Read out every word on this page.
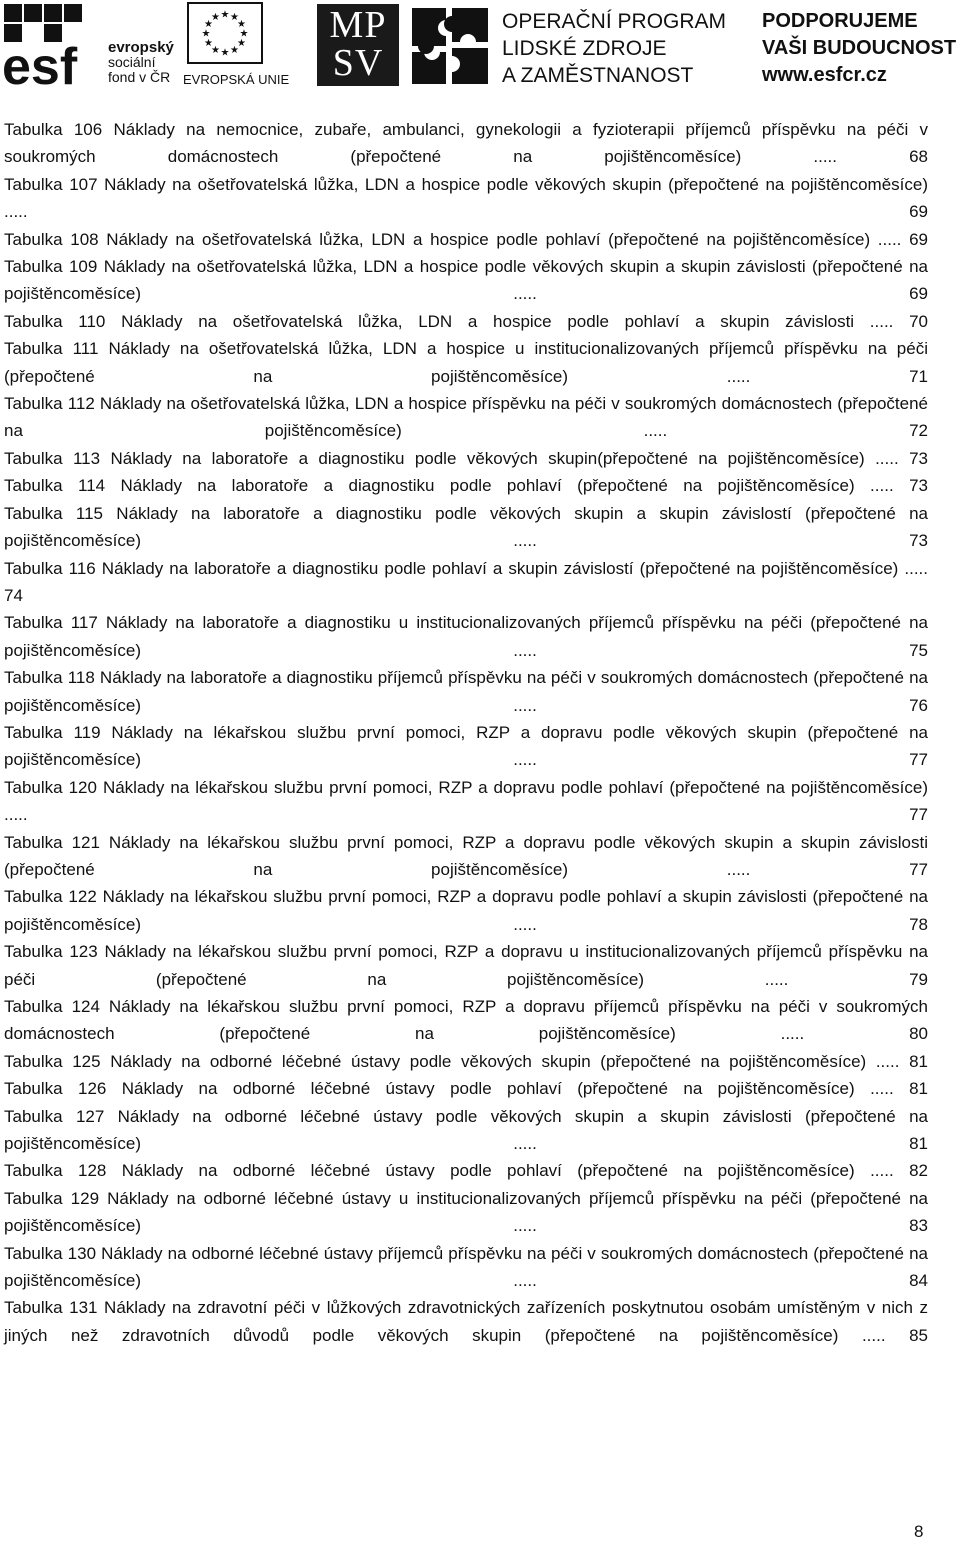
esf evropský
sociální
fond v ČR
★ ★
★
★
★
★
★
★
★
★
★
★
EVROPSKÁ UNIE
MP
SV
OPERAČNÍ PROGRAM
LIDSKÉ ZDROJE
A ZAMĚSTNANOST
PODPORUJEME
VAŠI BUDOUCNOST
www.esfcr.cz
Tabulka 106 Náklady na nemocnice, zubaře, ambulanci, gynekologii a fyzioterapii příjemců příspěvku na péči v soukromých domácnostech (přepočtené na pojištěncoměsíce) ..... 68
Tabulka 107 Náklady na ošetřovatelská lůžka, LDN a hospice podle věkových skupin (přepočtené na pojištěncoměsíce) ..... 69
Tabulka 108 Náklady na ošetřovatelská lůžka, LDN a hospice podle pohlaví (přepočtené na pojištěncoměsíce) ..... 69
Tabulka 109 Náklady na ošetřovatelská lůžka, LDN a hospice podle věkových skupin a skupin závislosti (přepočtené na pojištěncoměsíce) ..... 69
Tabulka 110 Náklady na ošetřovatelská lůžka, LDN a hospice podle pohlaví a skupin závislosti ..... 70
Tabulka 111 Náklady na ošetřovatelská lůžka, LDN a hospice u institucionalizovaných příjemců příspěvku na péči (přepočtené na pojištěncoměsíce) ..... 71
Tabulka 112 Náklady na ošetřovatelská lůžka, LDN a hospice příspěvku na péči v soukromých domácnostech (přepočtené na pojištěncoměsíce) ..... 72
Tabulka 113 Náklady na laboratoře a diagnostiku podle věkových skupin(přepočtené na pojištěncoměsíce) ..... 73
Tabulka 114 Náklady na laboratoře a diagnostiku podle pohlaví (přepočtené na pojištěncoměsíce) ..... 73
Tabulka 115 Náklady na laboratoře a diagnostiku podle věkových skupin a skupin závislostí (přepočtené na pojištěncoměsíce) ..... 73
Tabulka 116 Náklady na laboratoře a diagnostiku podle pohlaví a skupin závislostí (přepočtené na pojištěncoměsíce) ..... 74
Tabulka 117 Náklady na laboratoře a diagnostiku u institucionalizovaných příjemců příspěvku na péči (přepočtené na pojištěncoměsíce) ..... 75
Tabulka 118 Náklady na laboratoře a diagnostiku příjemců příspěvku na péči v soukromých domácnostech (přepočtené na pojištěncoměsíce) ..... 76
Tabulka 119 Náklady na lékařskou službu první pomoci, RZP a dopravu podle věkových skupin (přepočtené na pojištěncoměsíce) ..... 77
Tabulka 120 Náklady na lékařskou službu první pomoci, RZP a dopravu podle pohlaví (přepočtené na pojištěncoměsíce) ..... 77
Tabulka 121 Náklady na lékařskou službu první pomoci, RZP a dopravu podle věkových skupin a skupin závislosti (přepočtené na pojištěncoměsíce) ..... 77
Tabulka 122 Náklady na lékařskou službu první pomoci, RZP a dopravu podle pohlaví a skupin závislosti (přepočtené na pojištěncoměsíce) ..... 78
Tabulka 123 Náklady na lékařskou službu první pomoci, RZP a dopravu u institucionalizovaných příjemců příspěvku na péči (přepočtené na pojištěncoměsíce) ..... 79
Tabulka 124 Náklady na lékařskou službu první pomoci, RZP a dopravu příjemců příspěvku na péči v soukromých domácnostech (přepočtené na pojištěncoměsíce) ..... 80
Tabulka 125 Náklady na odborné léčebné ústavy podle věkových skupin (přepočtené na pojištěncoměsíce) ..... 81
Tabulka 126 Náklady na odborné léčebné ústavy podle pohlaví (přepočtené na pojištěncoměsíce) ..... 81
Tabulka 127 Náklady na odborné léčebné ústavy podle věkových skupin a skupin závislosti (přepočtené na pojištěncoměsíce) ..... 81
Tabulka 128 Náklady na odborné léčebné ústavy podle pohlaví (přepočtené na pojištěncoměsíce) ..... 82
Tabulka 129 Náklady na odborné léčebné ústavy u institucionalizovaných příjemců příspěvku na péči (přepočtené na pojištěncoměsíce) ..... 83
Tabulka 130 Náklady na odborné léčebné ústavy příjemců příspěvku na péči v soukromých domácnostech (přepočtené na pojištěncoměsíce) ..... 84
Tabulka 131 Náklady na zdravotní péči v lůžkových zdravotnických zařízeních poskytnutou osobám umístěným v nich z jiných než zdravotních důvodů podle věkových skupin (přepočtené na pojištěncoměsíce) ..... 85
8
